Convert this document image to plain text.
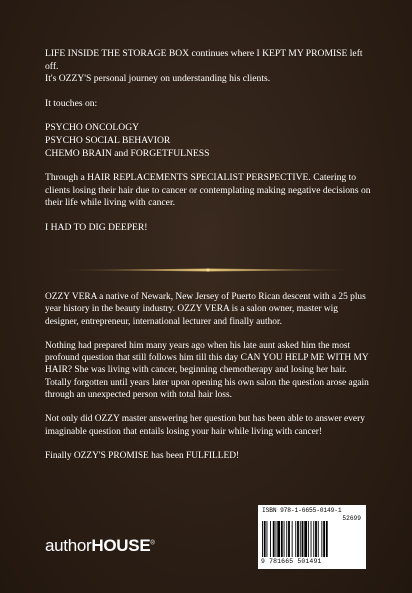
LIFE INSIDE THE STORAGE BOX continues where I KEPT MY PROMISE left off.

It's OZZY'S personal journey on understanding his clients.

It touches on:

PSYCHO ONCOLOGY

PSYCHO SOCIAL BEHAVIOR

CHEMO BRAIN and FORGETFULNESS

Through a HAIR REPLACEMENTS SPECIALIST PERSPECTIVE. Catering to clients losing their hair due to cancer or contemplating making negative decisions on their life while living with cancer.

I HAD TO DIG DEEPER!

OZZY VERA a native of Newark, New Jersey of Puerto Rican descent with a 25 plus year history in the beauty industry. OZZY VERA is a salon owner, master wig designer, entrepreneur, international lecturer and finally author.

Nothing had prepared him many years ago when his late aunt asked him the most profound question that still follows him till this day CAN YOU HELP ME WITH MY HAIR? She was living with cancer, beginning chemotherapy and losing her hair. Totally forgotten until years later upon opening his own salon the question arose again through an unexpected person with total hair loss.

Not only did OZZY master answering her question but has been able to answer every imaginable question that entails losing your hair while living with cancer!

Finally OZZY'S PROMISE has been FULFILLED!

authorHOUSE®
ISBN 978-1-6655-0149-1
52699
9 781665 501491
